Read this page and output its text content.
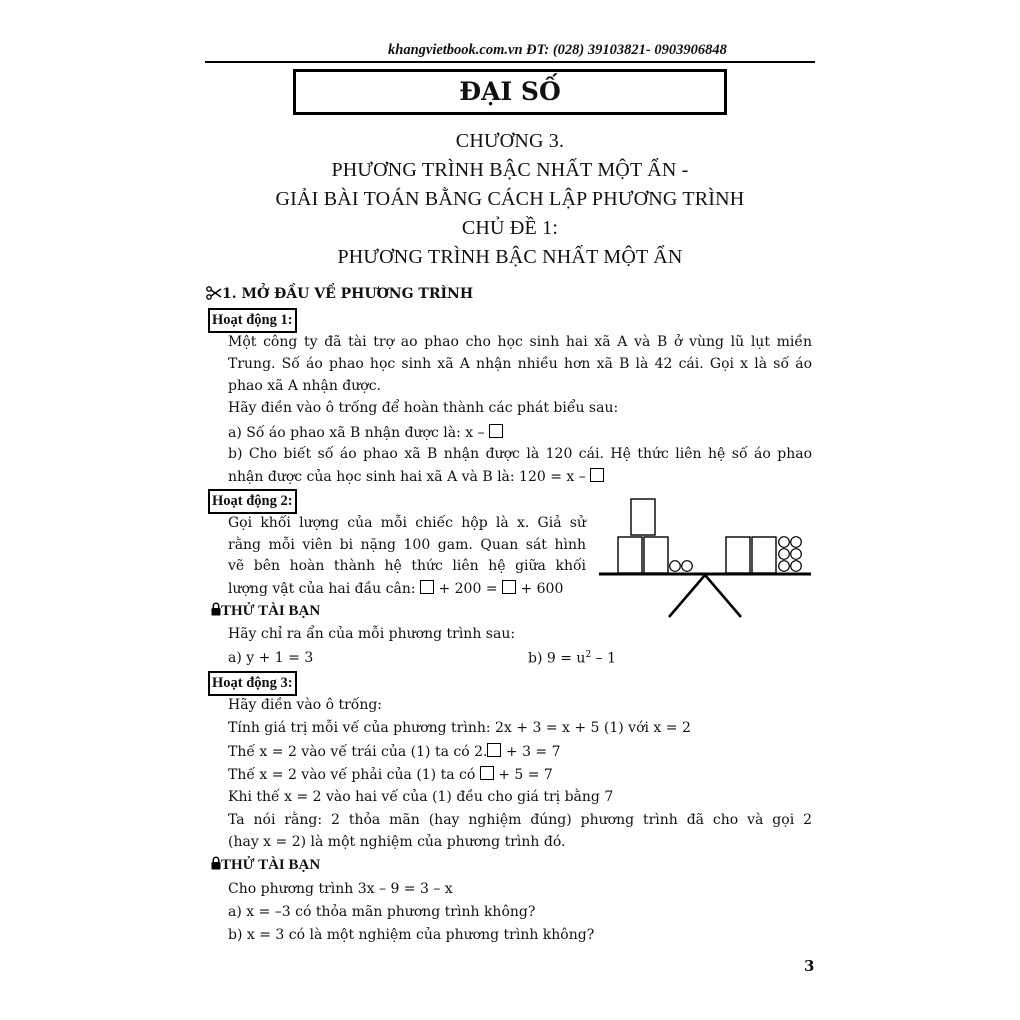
khangvietbook.com.vn ĐT: (028) 39103821- 0903906848
ĐẠI SỐ
CHƯƠNG 3.
PHƯƠNG TRÌNH BẬC NHẤT MỘT ẨN -
GIẢI BÀI TOÁN BẰNG CÁCH LẬP PHƯƠNG TRÌNH
CHỦ ĐỀ 1:
PHƯƠNG TRÌNH BẬC NHẤT MỘT ẨN
1. MỞ ĐẦU VỀ PHƯƠNG TRÌNH
Hoạt động 1:
Một công ty đã tài trợ ao phao cho học sinh hai xã A và B ở vùng lũ lụt miền
Trung. Số áo phao học sinh xã A nhận nhiều hơn xã B là 42 cái. Gọi x là số áo
phao xã A nhận được.
Hãy điền vào ô trống để hoàn thành các phát biểu sau:
a) Số áo phao xã B nhận được là: x –
b) Cho biết số áo phao xã B nhận được là 120 cái. Hệ thức liên hệ số áo phao
nhận được của học sinh hai xã A và B là: 120 = x –
Hoạt động 2:
Gọi khối lượng của mỗi chiếc hộp là x. Giả sử
rằng mỗi viên bi nặng 100 gam. Quan sát hình
vẽ bên hoàn thành hệ thức liên hệ giữa khối
lượng vật của hai đầu cân: + 200 = + 600
THỬ TÀI BẠN
Hãy chỉ ra ẩn của mỗi phương trình sau:
a) y + 1 = 3	b) $9 = u^2 - 1$
Hoạt động 3:
Hãy điền vào ô trống:
Tính giá trị mỗi vế của phương trình: 2x + 3 = x + 5 (1) với x = 2
Thế x = 2 vào vế trái của (1) ta có 2. + 3 = 7
Thế x = 2 vào vế phải của (1) ta có  + 5 = 7
Khi thế x = 2 vào hai vế của (1) đều cho giá trị bằng 7
Ta nói rằng: 2 thỏa mãn (hay nghiệm đúng) phương trình đã cho và gọi 2
(hay x = 2) là một nghiệm của phương trình đó.
THỬ TÀI BẠN
Cho phương trình 3x – 9 = 3 – x
a) x = –3 có thỏa mãn phương trình không?
b) x = 3 có là một nghiệm của phương trình không?
3
